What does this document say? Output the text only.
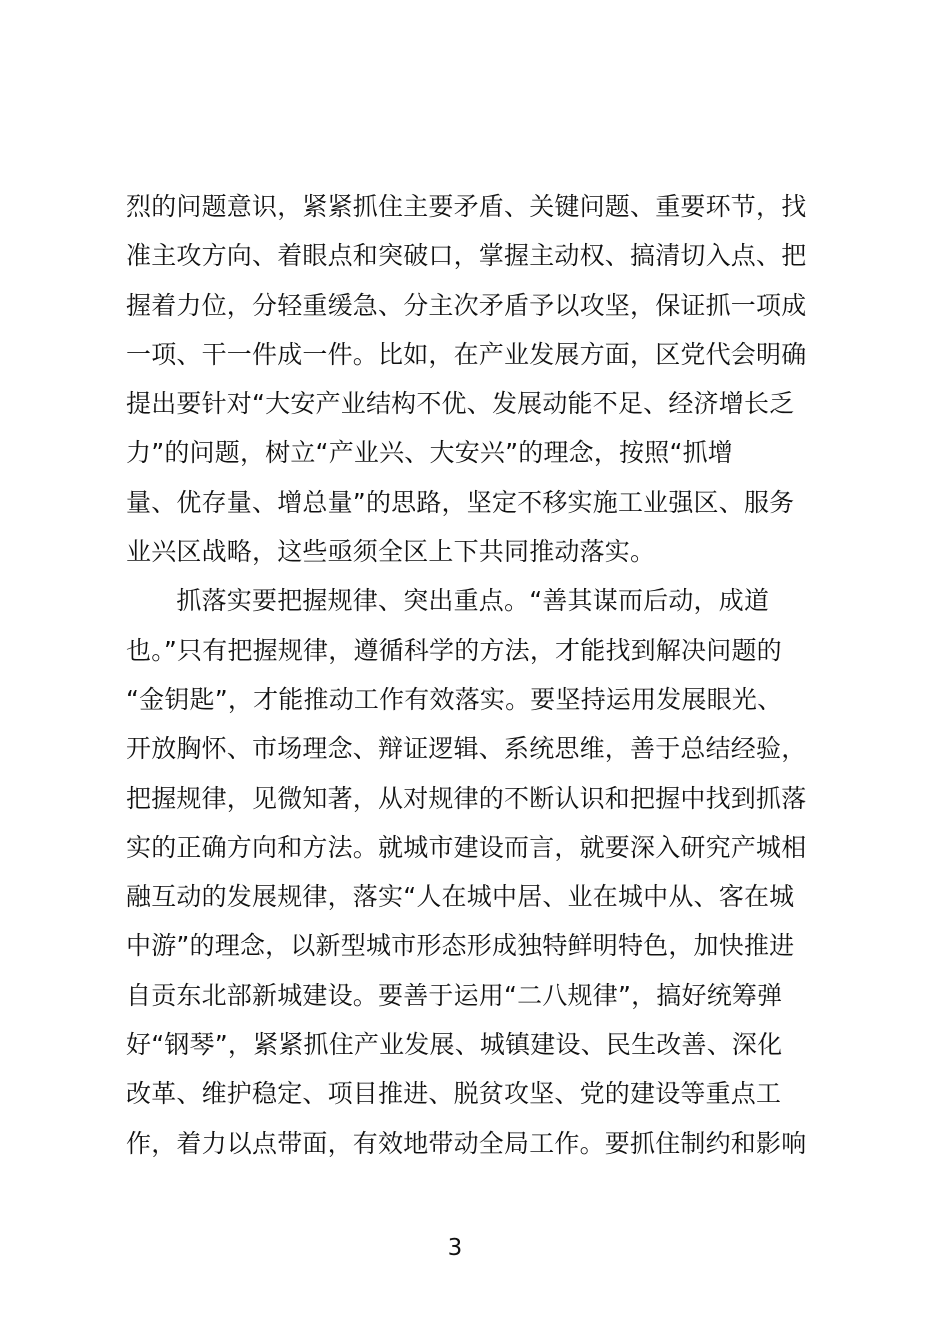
烈的问题意识，紧紧抓住主要矛盾、关键问题、重要环节，找
准主攻方向、着眼点和突破口，掌握主动权、搞清切入点、把
握着力位，分轻重缓急、分主次矛盾予以攻坚，保证抓一项成
一项、干一件成一件。比如，在产业发展方面，区党代会明确
提出要针对“大安产业结构不优、发展动能不足、经济增长乏
力”的问题，树立“产业兴、大安兴”的理念，按照“抓增
量、优存量、增总量”的思路，坚定不移实施工业强区、服务
业兴区战略，这些亟须全区上下共同推动落实。
　　抓落实要把握规律、突出重点。“善其谋而后动，成道
也。”只有把握规律，遵循科学的方法，才能找到解决问题的
“金钥匙”，才能推动工作有效落实。要坚持运用发展眼光、
开放胸怀、市场理念、辩证逻辑、系统思维，善于总结经验，
把握规律，见微知著，从对规律的不断认识和把握中找到抓落
实的正确方向和方法。就城市建设而言，就要深入研究产城相
融互动的发展规律，落实“人在城中居、业在城中从、客在城
中游”的理念，以新型城市形态形成独特鲜明特色，加快推进
自贡东北部新城建设。要善于运用“二八规律”，搞好统筹弹
好“钢琴”，紧紧抓住产业发展、城镇建设、民生改善、深化
改革、维护稳定、项目推进、脱贫攻坚、党的建设等重点工
作，着力以点带面，有效地带动全局工作。要抓住制约和影响
3
